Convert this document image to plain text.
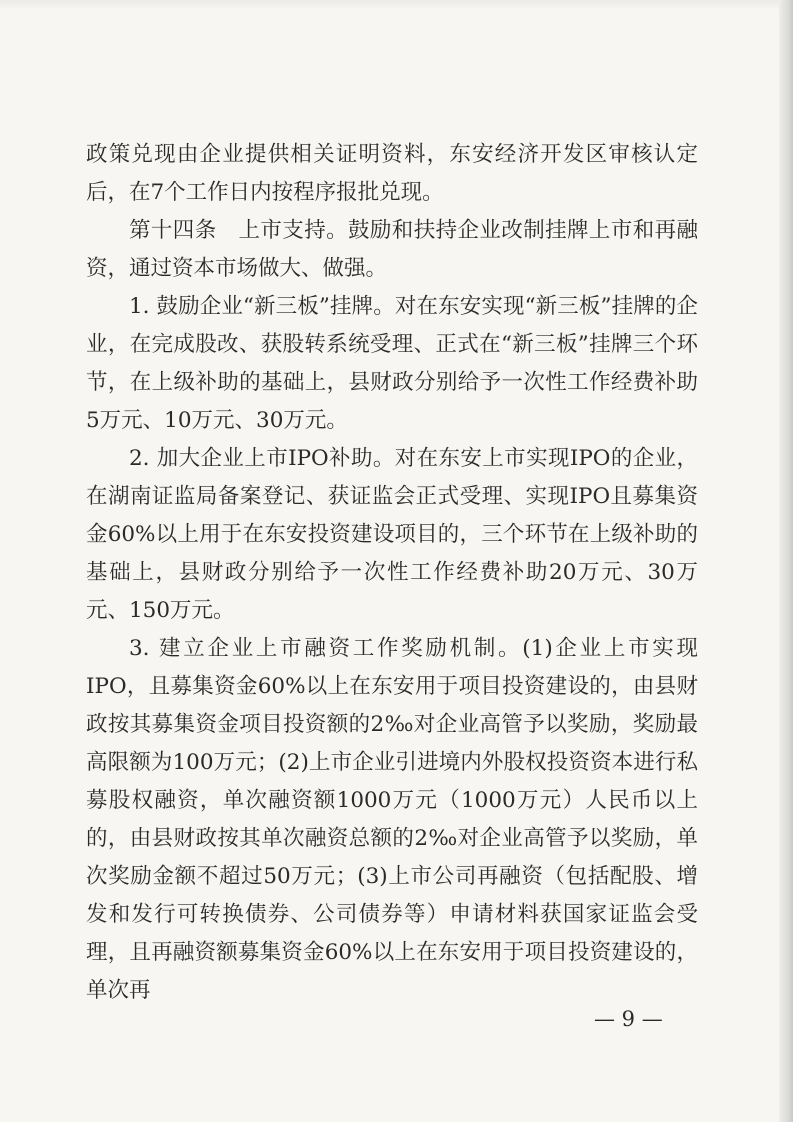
政策兑现由企业提供相关证明资料，东安经济开发区审核认定后，在7个工作日内按程序报批兑现。

第十四条　上市支持。鼓励和扶持企业改制挂牌上市和再融资，通过资本市场做大、做强。

1. 鼓励企业“新三板”挂牌。对在东安实现“新三板”挂牌的企业，在完成股改、获股转系统受理、正式在“新三板”挂牌三个环节，在上级补助的基础上，县财政分别给予一次性工作经费补助5万元、10万元、30万元。

2. 加大企业上市IPO补助。对在东安上市实现IPO的企业，在湖南证监局备案登记、获证监会正式受理、实现IPO且募集资金60%以上用于在东安投资建设项目的，三个环节在上级补助的基础上，县财政分别给予一次性工作经费补助20万元、30万元、150万元。

3. 建立企业上市融资工作奖励机制。(1)企业上市实现IPO，且募集资金60%以上在东安用于项目投资建设的，由县财政按其募集资金项目投资额的2‰对企业高管予以奖励，奖励最高限额为100万元；(2)上市企业引进境内外股权投资资本进行私募股权融资，单次融资额1000万元（1000万元）人民币以上的，由县财政按其单次融资总额的2‰对企业高管予以奖励，单次奖励金额不超过50万元；(3)上市公司再融资（包括配股、增发和发行可转换债券、公司债券等）申请材料获国家证监会受理，且再融资额募集资金60%以上在东安用于项目投资建设的，单次再

— 9 —
